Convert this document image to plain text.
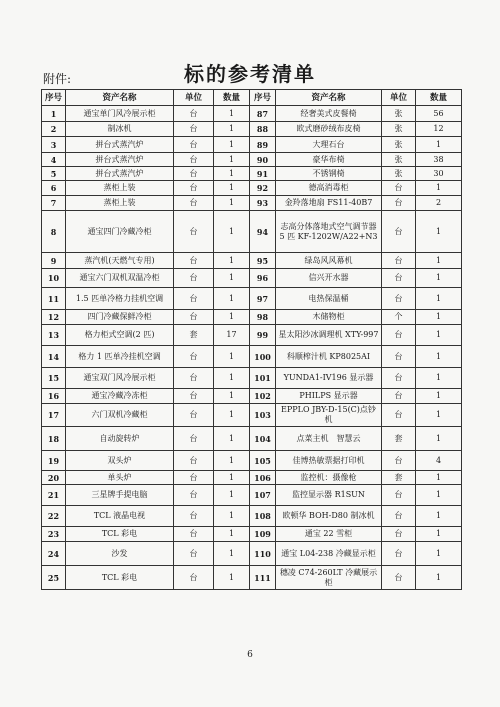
附件:	标的参考清单
序号	资产名称	单位	数量	序号	资产名称	单位	数量
1	通宝单门风冷展示柜	台	1	87	经奢美式皮餐椅	张	56
2	制冰机	台	1	88	欧式磨砂绒布皮椅	张	12
3	拼台式蒸汽炉	台	1	89	大理石台	张	1
4	拼台式蒸汽炉	台	1	90	豪华布椅	张	38
5	拼台式蒸汽炉	台	1	91	不锈钢椅	张	30
6	蒸柜上装	台	1	92	德高消毒柜	台	1
7	蒸柜上装	台	1	93	金羚落地扇 FS11-40B7	台	2
8	通宝四门冷藏冷柜	台	1	94	志高分体落地式空气调节器 5 匹 KF-1202W/A22+N3	台	1
9	蒸汽机(天燃气专用)	台	1	95	绿岛风风幕机	台	1
10	通宝六门双机双温冷柜	台	1	96	信兴开水器	台	1
11	1.5 匹单冷格力挂机空调	台	1	97	电热保温桶	台	1
12	四门冷藏保鲜冷柜	台	1	98	木储物柜	个	1
13	格力柜式空调(2 匹)	套	17	99	星太阳沙冰调理机 XTY-997	台	1
14	格力 1 匹单冷挂机空调	台	1	100	科顺榨汁机 KP8025AI	台	1
15	通宝双门风冷展示柜	台	1	101	YUNDA1-IV196 显示器	台	1
16	通宝冷藏冷冻柜	台	1	102	PHILPS 显示器	台	1
17	六门双机冷藏柜	台	1	103	EPPLO JBY-D-15(C)点钞机	台	1
18	自动旋转炉	台	1	104	点菜主机　智慧云	套	1
19	双头炉	台	1	105	佳博热敏票据打印机	台	4
20	单头炉	台	1	106	监控机：摄像枪	套	1
21	三星牌手提电脑	台	1	107	监控显示器 R1SUN	台	1
22	TCL 液晶电视	台	1	108	欧顿华 BOH-D80 制冰机	台	1
23	TCL 彩电	台	1	109	通宝 22 雪柜	台	1
24	沙发	台	1	110	通宝 L04-238 冷藏显示柜	台	1
25	TCL 彩电	台	1	111	穗凌 C74-260LT 冷藏展示柜	台	1
6
